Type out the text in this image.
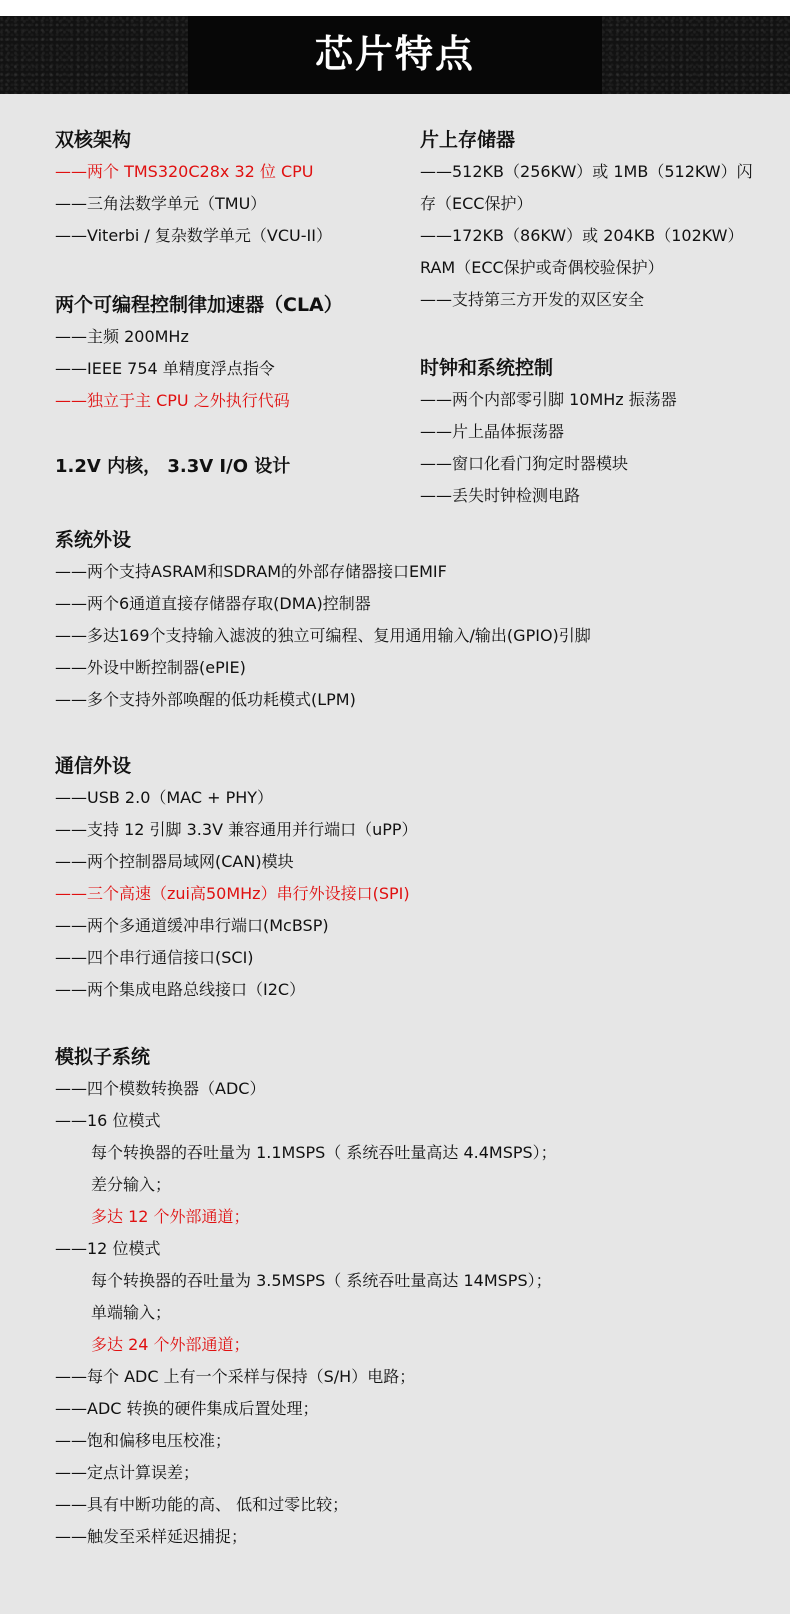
芯片特点
双核架构
——两个 TMS320C28x 32 位 CPU
——三角法数学单元（TMU）
——Viterbi / 复杂数学单元（VCU-II）
片上存储器
——512KB（256KW）或 1MB（512KW）闪
存（ECC保护）
——172KB（86KW）或 204KB（102KW）
RAM（ECC保护或奇偶校验保护）
——支持第三方开发的双区安全
两个可编程控制律加速器（CLA）
——主频 200MHz
——IEEE 754 单精度浮点指令
——独立于主 CPU 之外执行代码
时钟和系统控制
——两个内部零引脚 10MHz 振荡器
——片上晶体振荡器
——窗口化看门狗定时器模块
——丢失时钟检测电路
1.2V 内核， 3.3V I/O 设计
系统外设
——两个支持ASRAM和SDRAM的外部存储器接口EMIF
——两个6通道直接存储器存取(DMA)控制器
——多达169个支持输入滤波的独立可编程、复用通用输入/输出(GPIO)引脚
——外设中断控制器(ePIE)
——多个支持外部唤醒的低功耗模式(LPM)
通信外设
——USB 2.0（MAC + PHY）
——支持 12 引脚 3.3V 兼容通用并行端口（uPP）
——两个控制器局域网(CAN)模块
——三个高速（zui高50MHz）串行外设接口(SPI)
——两个多通道缓冲串行端口(McBSP)
——四个串行通信接口(SCI)
——两个集成电路总线接口（I2C）
模拟子系统
——四个模数转换器（ADC）
——16 位模式
每个转换器的吞吐量为 1.1MSPS（ 系统吞吐量高达 4.4MSPS）；
差分输入；
多达 12 个外部通道；
——12 位模式
每个转换器的吞吐量为 3.5MSPS（ 系统吞吐量高达 14MSPS）；
单端输入；
多达 24 个外部通道；
——每个 ADC 上有一个采样与保持（S/H）电路；
——ADC 转换的硬件集成后置处理；
——饱和偏移电压校准；
——定点计算误差；
——具有中断功能的高、 低和过零比较；
——触发至采样延迟捕捉；
